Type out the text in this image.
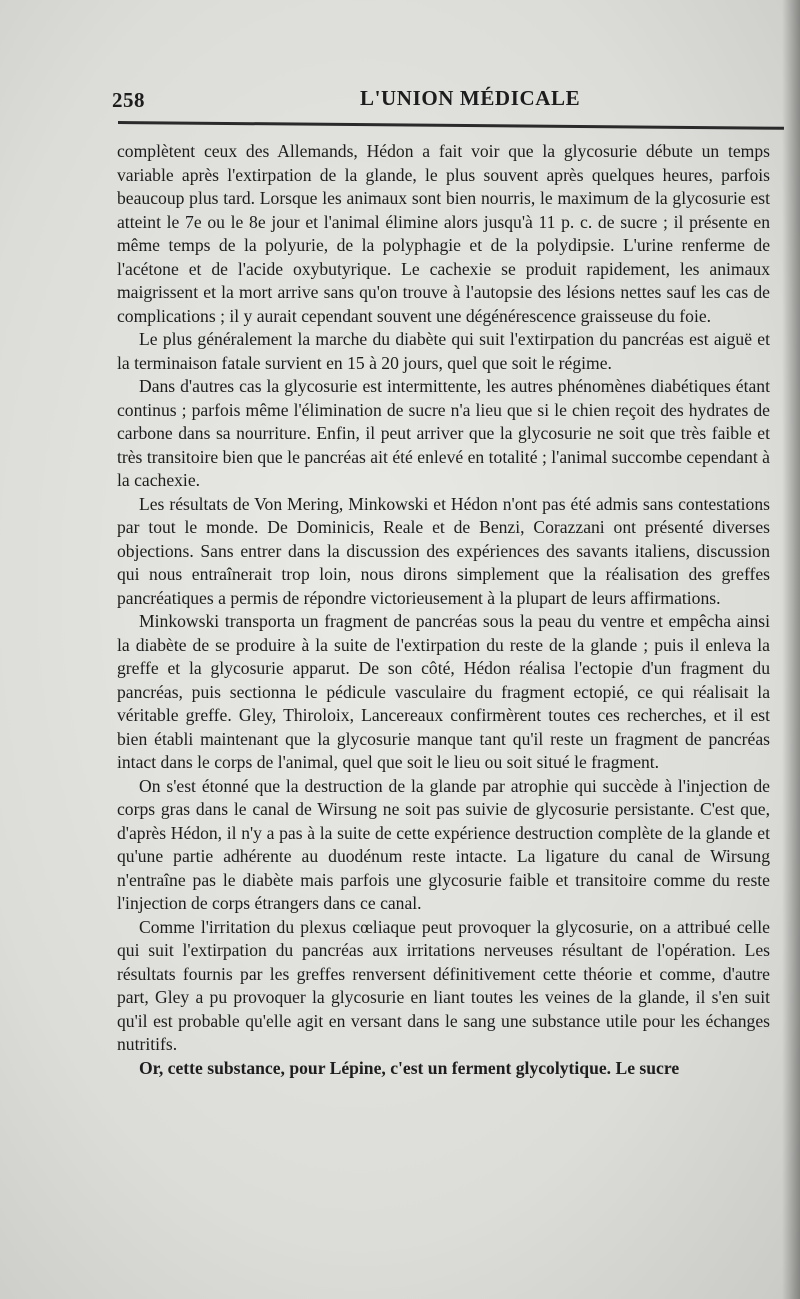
258	L'UNION MÉDICALE

complètent ceux des Allemands, Hédon a fait voir que la glycosurie débute un temps variable après l'extirpation de la glande, le plus souvent après quelques heures, parfois beaucoup plus tard. Lorsque les animaux sont bien nourris, le maximum de la glycosurie est atteint le 7e ou le 8e jour et l'animal élimine alors jusqu'à 11 p. c. de sucre ; il présente en même temps de la polyurie, de la polyphagie et de la polydipsie. L'urine renferme de l'acétone et de l'acide oxybutyrique. Le cachexie se produit rapidement, les animaux maigrissent et la mort arrive sans qu'on trouve à l'autopsie des lésions nettes sauf les cas de complications ; il y aurait cependant souvent une dégénérescence graisseuse du foie.

Le plus généralement la marche du diabète qui suit l'extirpation du pancréas est aiguë et la terminaison fatale survient en 15 à 20 jours, quel que soit le régime.

Dans d'autres cas la glycosurie est intermittente, les autres phénomènes diabétiques étant continus ; parfois même l'élimination de sucre n'a lieu que si le chien reçoit des hydrates de carbone dans sa nourriture. Enfin, il peut arriver que la glycosurie ne soit que très faible et très transitoire bien que le pancréas ait été enlevé en totalité ; l'animal succombe cependant à la cachexie.

Les résultats de Von Mering, Minkowski et Hédon n'ont pas été admis sans contestations par tout le monde. De Dominicis, Reale et de Benzi, Corazzani ont présenté diverses objections. Sans entrer dans la discussion des expériences des savants italiens, discussion qui nous entraînerait trop loin, nous dirons simplement que la réalisation des greffes pancréatiques a permis de répondre victorieusement à la plupart de leurs affirmations.

Minkowski transporta un fragment de pancréas sous la peau du ventre et empêcha ainsi la diabète de se produire à la suite de l'extirpation du reste de la glande ; puis il enleva la greffe et la glycosurie apparut. De son côté, Hédon réalisa l'ectopie d'un fragment du pancréas, puis sectionna le pédicule vasculaire du fragment ectopié, ce qui réalisait la véritable greffe. Gley, Thiroloix, Lancereaux confirmèrent toutes ces recherches, et il est bien établi maintenant que la glycosurie manque tant qu'il reste un fragment de pancréas intact dans le corps de l'animal, quel que soit le lieu ou soit situé le fragment.

On s'est étonné que la destruction de la glande par atrophie qui succède à l'injection de corps gras dans le canal de Wirsung ne soit pas suivie de glycosurie persistante. C'est que, d'après Hédon, il n'y a pas à la suite de cette expérience destruction complète de la glande et qu'une partie adhérente au duodénum reste intacte. La ligature du canal de Wirsung n'entraîne pas le diabète mais parfois une glycosurie faible et transitoire comme du reste l'injection de corps étrangers dans ce canal.

Comme l'irritation du plexus cœliaque peut provoquer la glycosurie, on a attribué celle qui suit l'extirpation du pancréas aux irritations nerveuses résultant de l'opération. Les résultats fournis par les greffes renversent définitivement cette théorie et comme, d'autre part, Gley a pu provoquer la glycosurie en liant toutes les veines de la glande, il s'en suit qu'il est probable qu'elle agit en versant dans le sang une substance utile pour les échanges nutritifs.

Or, cette substance, pour Lépine, c'est un ferment glycolytique. Le sucre
